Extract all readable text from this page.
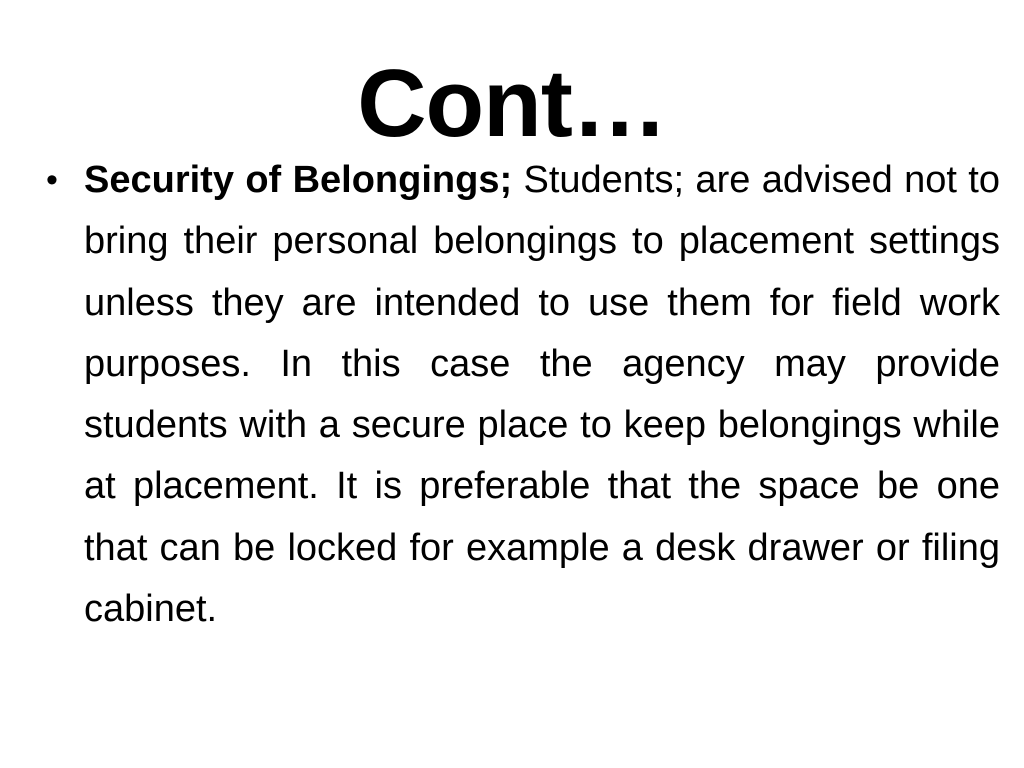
Cont…
• Security of Belongings; Students; are advised not to bring their personal belongings to placement settings unless they are intended to use them for field work purposes. In this case the agency may provide students with a secure place to keep belongings while at placement. It is preferable that the space be one that can be locked for example a desk drawer or filing cabinet.
